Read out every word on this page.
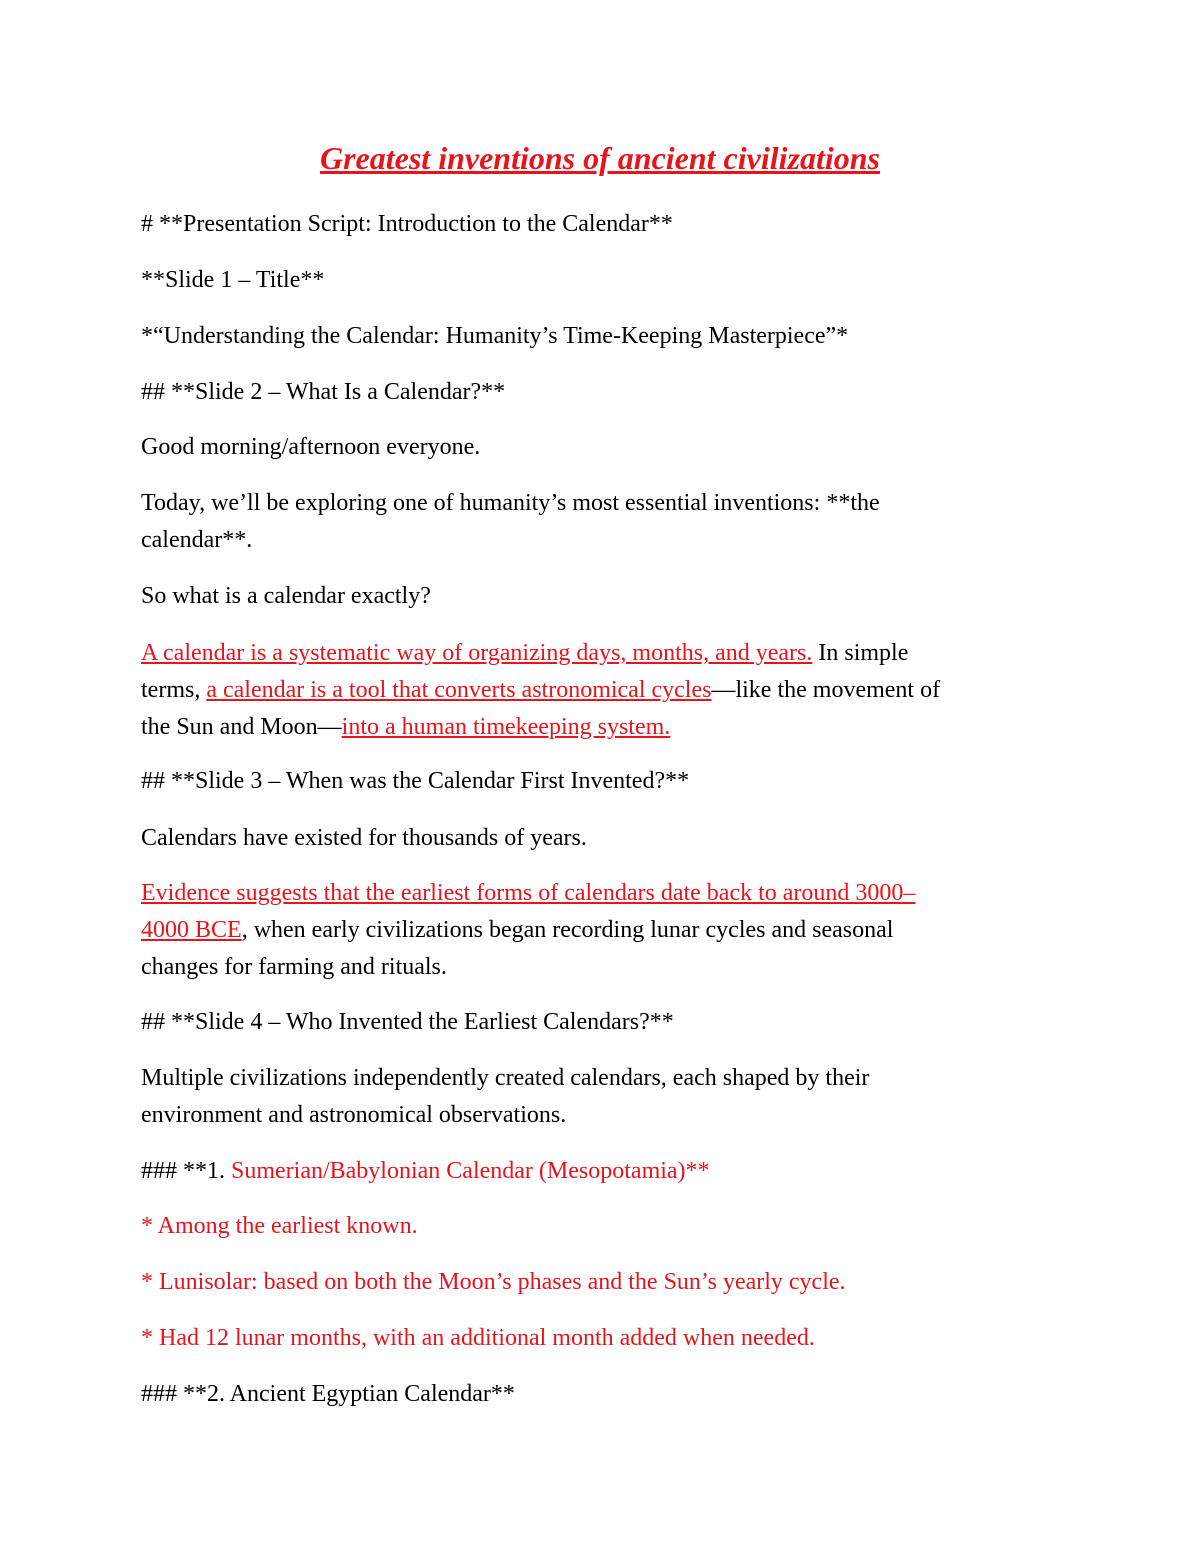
Greatest inventions of ancient civilizations
# **Presentation Script: Introduction to the Calendar**
**Slide 1 – Title**
*“Understanding the Calendar: Humanity’s Time-Keeping Masterpiece”*
## **Slide 2 – What Is a Calendar?**
Good morning/afternoon everyone.
Today, we’ll be exploring one of humanity’s most essential inventions: **the
calendar**.
So what is a calendar exactly?
A calendar is a systematic way of organizing days, months, and years. In simple
terms, a calendar is a tool that converts astronomical cycles—like the movement of
the Sun and Moon—into a human timekeeping system.
## **Slide 3 – When was the Calendar First Invented?**
Calendars have existed for thousands of years.
Evidence suggests that the earliest forms of calendars date back to around 3000–
4000 BCE, when early civilizations began recording lunar cycles and seasonal
changes for farming and rituals.
## **Slide 4 – Who Invented the Earliest Calendars?**
Multiple civilizations independently created calendars, each shaped by their
environment and astronomical observations.
### **1. Sumerian/Babylonian Calendar (Mesopotamia)**
* Among the earliest known.
* Lunisolar: based on both the Moon’s phases and the Sun’s yearly cycle.
* Had 12 lunar months, with an additional month added when needed.
### **2. Ancient Egyptian Calendar**
